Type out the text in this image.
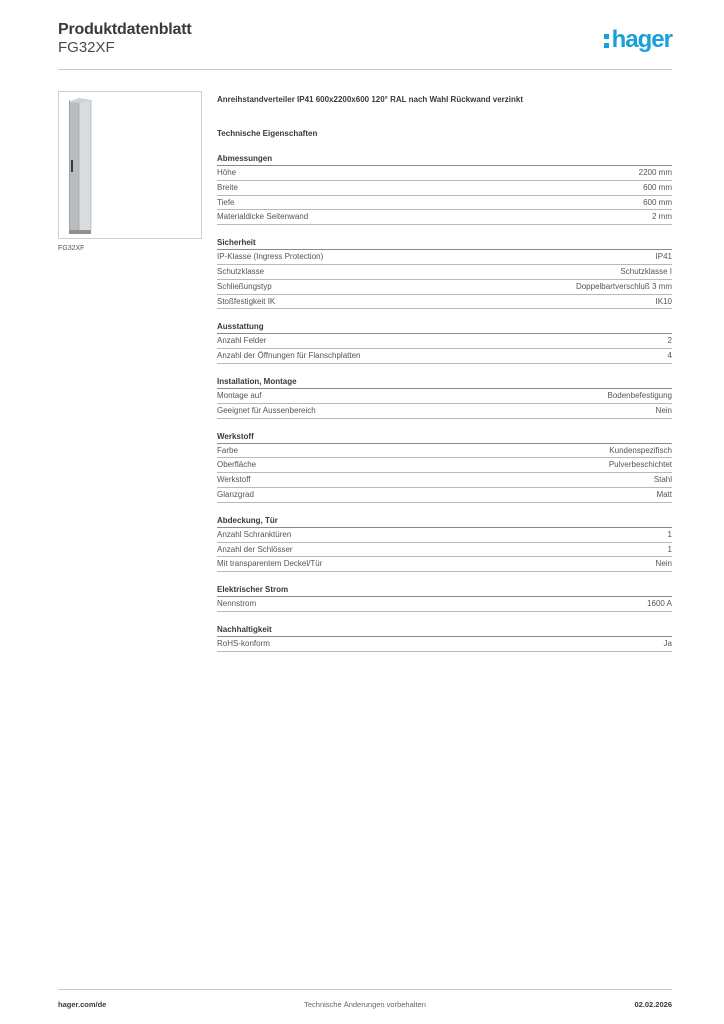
Produktdatenblatt
FG32XF	hager
FG32XF
Anreihstandverteiler IP41 600x2200x600 120° RAL nach Wahl Rückwand verzinkt
Technische Eigenschaften
Abmessungen
Höhe	2200 mm
Breite	600 mm
Tiefe	600 mm
Materialdicke Seitenwand	2 mm
Sicherheit
IP-Klasse (Ingress Protection)	IP41
Schutzklasse	Schutzklasse I
Schließungstyp	Doppelbartverschluß 3 mm
Stoßfestigkeit IK	IK10
Ausstattung
Anzahl Felder	2
Anzahl der Öffnungen für Flanschplatten	4
Installation, Montage
Montage auf	Bodenbefestigung
Geeignet für Aussenbereich	Nein
Werkstoff
Farbe	Kundenspezifisch
Oberfläche	Pulverbeschichtet
Werkstoff	Stahl
Glanzgrad	Matt
Abdeckung, Tür
Anzahl Schranktüren	1
Anzahl der Schlösser	1
Mit transparentem Deckel/Tür	Nein
Elektrischer Strom
Nennstrom	1600 A
Nachhaltigkeit
RoHS-konform	Ja
hager.com/de	Technische Änderungen vorbehalten	02.02.2026
